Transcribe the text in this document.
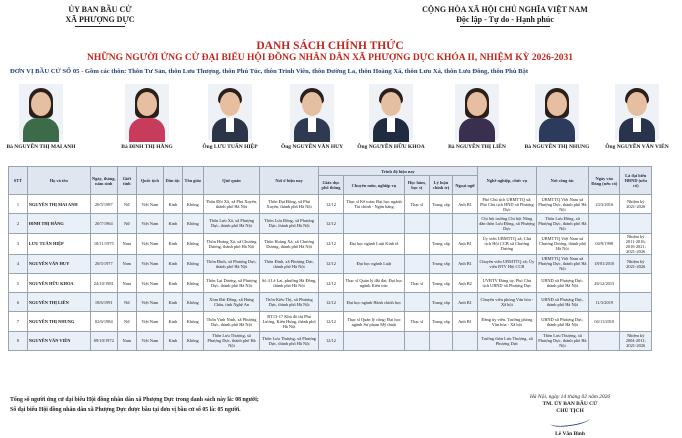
ỦY BAN BẦU CỬ
XÃ PHƯỢNG DỰC
CỘNG HÒA XÃ HỘI CHỦ NGHĨA VIỆT NAM
Độc lập - Tự do - Hạnh phúc
DANH SÁCH CHÍNH THỨC
NHỮNG NGƯỜI ỨNG CỬ ĐẠI BIỂU HỘI ĐỒNG NHÂN DÂN XÃ PHƯỢNG DỰC KHÓA II, NHIỆM KỲ 2026-2031
ĐƠN VỊ BẦU CỬ SỐ 05 - Gồm các thôn: Thôn Tư Sản, thôn Lưu Thượng, thôn Phú Túc, thôn Trinh Viên, thôn Đường La, thôn Hoàng Xá, thôn Lưu Xá, thôn Lưu Đông, thôn Phù Bật
Bà NGUYỄN THỊ MAI ANH	Bà ĐINH THỊ HẰNG	Ông LƯU TUẤN HIỆP	Ông NGUYỄN VĂN HUY	Ông NGUYỄN HỮU KHOA	Bà NGUYỄN THỊ LIÊN	Bà NGUYỄN THỊ NHUNG	Ông NGUYỄN VĂN VIÊN
STT	Họ và tên	Ngày, tháng, năm sinh	Giới tính	Quốc tịch	Dân tộc	Tôn giáo	Quê quán	Nơi ở hiện nay	Trình độ hiện nay					Nghề nghiệp, chức vụ	Nơi công tác	Ngày vào Đảng (nếu có)	Là đại biểu HĐND (nếu có)
									Giáo dục phổ thông	Chuyên môn, nghiệp vụ	Học hàm, học vị	Lý luận chính trị	Ngoại ngữ				
1	NGUYỄN THỊ MAI ANH	20/5/1987	Nữ	Việt Nam	Kinh	Không	Thôn Đồi Xã, xã Phú Xuyên, thành phố Hà Nội	Thôn Đại Đồng, xã Phú Xuyên, thành phố Hà Nội	12/12	Thạc sĩ Kế toán; Đại học ngành Tài chính - Ngân hàng	Thạc sĩ	Trung cấp	Anh B1	Phó Chủ tịch UBMTTQ xã; Phó Chủ tịch HND xã Phượng Dực	UBMTTQ Việt Nam xã Phượng Dực, thành phố Hà Nội	23/3/2016	Nhiệm kỳ 2021-2026
2	ĐINH THỊ HẰNG	20/7/1964	Nữ	Việt Nam	Kinh	Không	Thôn Lưu Xá, xã Phượng Dực, thành phố Hà Nội	Thôn Lưu Đông, xã Phượng Dực, thành phố Hà Nội	12/12					Chi hội trưởng Chi hội Nông dân thôn Lưu Đông, xã Phượng Dực	Thôn Lưu Đông, xã Phượng Dực, thành phố Hà Nội		
3	LƯU TUẤN HIỆP	18/11/1975	Nam	Việt Nam	Kinh	Không	Thôn Hoàng Xá, xã Chương Dương, thành phố Hà Nội	Thôn Hoàng Xá, xã Chương Dương, thành phố Hà Nội	12/12	Đại học ngành Luật Kinh tế		Trung cấp	Anh B1	Ủy viên UBMTTQ xã; Chủ tịch Hội CCB xã Chương Dương	UBMTTQ Việt Nam xã Chương Dương, thành phố Hà Nội	04/9/1998	Nhiệm kỳ 2011-2016; 2016-2021; 2021-2026
4	NGUYỄN VĂN HUY	20/5/1977	Nam	Việt Nam	Kinh	Không	Thôn Đinh, xã Phượng Dực, thành phố Hà Nội	Thôn Đinh, xã Phượng Dực, thành phố Hà Nội	12/12	Đại học ngành Luật		Trung cấp	Anh B1	Chuyên viên UBMTTQ xã; Ủy viên BTV Hội CCB	UBMTTQ Việt Nam xã Phượng Dực, thành phố Hà Nội	18/01/2010	Nhiệm kỳ 2021-2026
5	NGUYỄN HỮU KHOA	24/10/1981	Nam	Việt Nam	Kinh	Không	Thôn Lại Dương, xã Phượng Dực, thành phố Hà Nội	Số 4 Lê Lai, phường Hà Đông, thành phố Hà Nội	12/12	Thạc sĩ Quản lý đất đai; Đại học ngành Kiến trúc	Thạc sĩ	Trung cấp	Anh B2	UVBTV Đảng ủy, Phó Chủ tịch UBND xã Phượng Dực	UBND xã Phượng Dực, thành phố Hà Nội	26/12/2013	
6	NGUYỄN THỊ LIÊN	18/6/1991	Nữ	Việt Nam	Kinh	Không	Xóm Đài Đồng, xã Hưng Châu, tỉnh Nghệ An	Thôn Kiều Thị, xã Phượng Dực, thành phố Hà Nội	12/12	Đại học ngành Hành chính học		Trung cấp	Anh B1	Chuyên viên phòng Văn hóa - Xã hội	UBND xã Phượng Dực, thành phố Hà Nội	11/3/2019	
7	NGUYỄN THỊ NHUNG	02/6/1984	Nữ	Việt Nam	Kinh	Không	Thôn Vinh Ninh, xã Phượng Dực, thành phố Hà Nội	BT13-17 Khu đô thị Phú Lương, Kiến Hưng, thành phố Hà Nội	12/12	Thạc sĩ Quản lý công; Đại học ngành Sư phạm Mỹ thuật	Thạc sĩ	Trung cấp	Anh B1	Đảng ủy viên, Trưởng phòng Văn hóa - Xã hội	UBND xã Phượng Dực, thành phố Hà Nội	04/11/2010	
8	NGUYỄN VĂN VIÊN	09/10/1972	Nam	Việt Nam	Kinh	Không	Thôn Lưu Thượng, xã Phượng Dực, thành phố Hà Nội	Thôn Lưu Thượng, xã Phượng Dực, thành phố Hà Nội	12/12					Trưởng thôn Lưu Thượng, xã Phượng Dực	Thôn Lưu Thượng, xã Phượng Dực, thành phố Hà Nội		Nhiệm kỳ 2004-2011; 2021-2026
Tổng số người ứng cử đại biểu Hội đồng nhân dân xã Phượng Dực trong danh sách này là: 08 người;
Số đại biểu Hội đồng nhân dân xã Phượng Dực được bầu tại đơn vị bầu cử số 05 là: 05 người.
Hà Nội, ngày 14 tháng 02 năm 2026
TM. ỦY BAN BẦU CỬ
CHỦ TỊCH
Lê Văn Bình
